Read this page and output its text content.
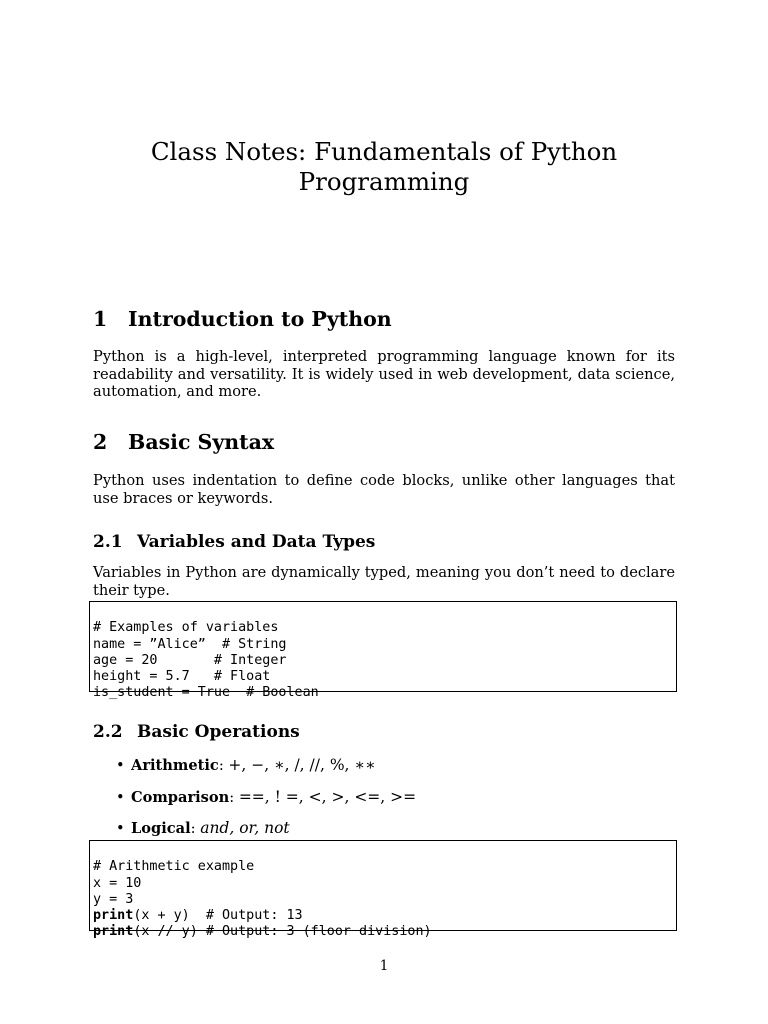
Class Notes: Fundamentals of Python
Programming
1 Introduction to Python

Python is a high-level, interpreted programming language known for its readability and versatility. It is widely used in web development, data science, automation, and more.

2 Basic Syntax

Python uses indentation to define code blocks, unlike other languages that use braces or keywords.

2.1 Variables and Data Types

Variables in Python are dynamically typed, meaning you don’t need to declare their type.

# Examples of variables
name = ”Alice”  # String
age = 20       # Integer
height = 5.7   # Float
is_student = True  # Boolean
2.2 Basic Operations
• Arithmetic: +, −, ∗, /, //, %, ∗∗
• Comparison: ==, ! =, <, >, <=, >=
• Logical: and, or, not

# Arithmetic example
x = 10
y = 3
print(x + y)  # Output: 13
print(x // y) # Output: 3 (floor division)
1
